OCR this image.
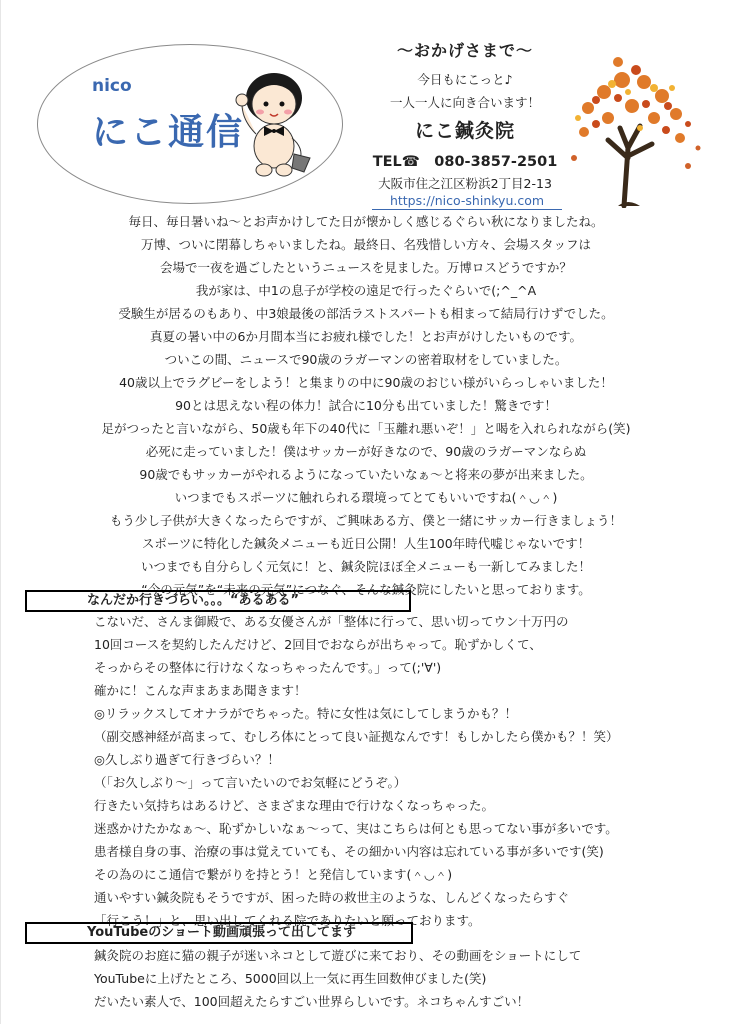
nico
にこ通信
〜おかげさまで〜
今日もにこっと♪
一人一人に向き合います！
にこ鍼灸院
TEL☎　080-3857-2501
大阪市住之江区粉浜2丁目2-13
https://nico-shinkyu.com
毎日、毎日暑いね〜とお声かけしてた日が懐かしく感じるぐらい秋になりましたね。
万博、ついに閉幕しちゃいましたね。最終日、名残惜しい方々、会場スタッフは
会場で一夜を過ごしたというニュースを見ました。万博ロスどうですか？
我が家は、中1の息子が学校の遠足で行ったぐらいで(;^_^A
受験生が居るのもあり、中3娘最後の部活ラストスパートも相まって結局行けずでした。
真夏の暑い中の6か月間本当にお疲れ様でした！とお声がけしたいものです。
ついこの間、ニュースで90歳のラガーマンの密着取材をしていました。
40歳以上でラグビーをしよう！と集まりの中に90歳のおじい様がいらっしゃいました！
90とは思えない程の体力！試合に10分も出ていました！驚きです！
足がつったと言いながら、50歳も年下の40代に「玉離れ悪いぞ！」と喝を入れられながら(笑)
必死に走っていました！僕はサッカーが好きなので、90歳のラガーマンならぬ
90歳でもサッカーがやれるようになっていたいなぁ〜と将来の夢が出来ました。
いつまでもスポーツに触れられる環境ってとてもいいですね(＾◡＾)
もう少し子供が大きくなったらですが、ご興味ある方、僕と一緒にサッカー行きましょう！
スポーツに特化した鍼灸メニューも近日公開！人生100年時代嘘じゃないです！
いつまでも自分らしく元気に！と、鍼灸院ほぼ全メニューも一新してみました！
“今の元気”を“未来の元気”につなぐ、そんな鍼灸院にしたいと思っております。
なんだか行きづらい。。。“あるある”
こないだ、さんま御殿で、ある女優さんが「整体に行って、思い切ってウン十万円の
10回コースを契約したんだけど、2回目でおならが出ちゃって。恥ずかしくて、
そっからその整体に行けなくなっちゃったんです。」って(;'∀')
確かに！こんな声まあまあ聞きます！
◎リラックスしてオナラがでちゃった。特に女性は気にしてしまうかも？！
（副交感神経が高まって、むしろ体にとって良い証拠なんです！もしかしたら僕かも？！笑）
◎久しぶり過ぎて行きづらい？！
（「お久しぶり〜」って言いたいのでお気軽にどうぞ。）
行きたい気持ちはあるけど、さまざまな理由で行けなくなっちゃった。
迷惑かけたかなぁ〜、恥ずかしいなぁ〜って、実はこちらは何とも思ってない事が多いです。
患者様自身の事、治療の事は覚えていても、その細かい内容は忘れている事が多いです(笑)
その為のにこ通信で繋がりを持とう！と発信しています(＾◡＾)
通いやすい鍼灸院もそうですが、困った時の救世主のような、しんどくなったらすぐ
「行こう！」と、思い出してくれる院でありたいと願っております。
YouTubeのショート動画頑張って出してます
鍼灸院のお庭に猫の親子が迷いネコとして遊びに来ており、その動画をショートにして
YouTubeに上げたところ、5000回以上一気に再生回数伸びました(笑)
だいたい素人で、100回超えたらすごい世界らしいです。ネコちゃんすごい！
